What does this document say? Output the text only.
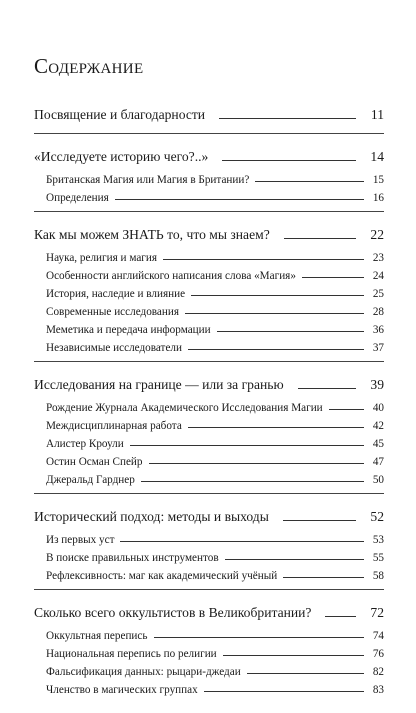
Содержание
Посвящение и благодарности	11
«Исследуете историю чего?..»	14
Британская Магия или Магия в Британии?	15
Определения	16
Как мы можем ЗНАТЬ то, что мы знаем?	22
Наука, религия и магия	23
Особенности английского написания слова «Магия»	24
История, наследие и влияние	25
Современные исследования	28
Меметика и передача информации	36
Независимые исследователи	37
Исследования на границе — или за гранью	39
Рождение Журнала Академического Исследования Магии	40
Междисциплинарная работа	42
Алистер Кроули	45
Остин Осман Спейр	47
Джеральд Гарднер	50
Исторический подход: методы и выходы	52
Из первых уст	53
В поиске правильных инструментов	55
Рефлексивность: маг как академический учёный	58
Сколько всего оккультистов в Великобритании?	72
Оккультная перепись	74
Национальная перепись по религии	76
Фальсификация данных: рыцари-джедаи	82
Членство в магических группах	83
